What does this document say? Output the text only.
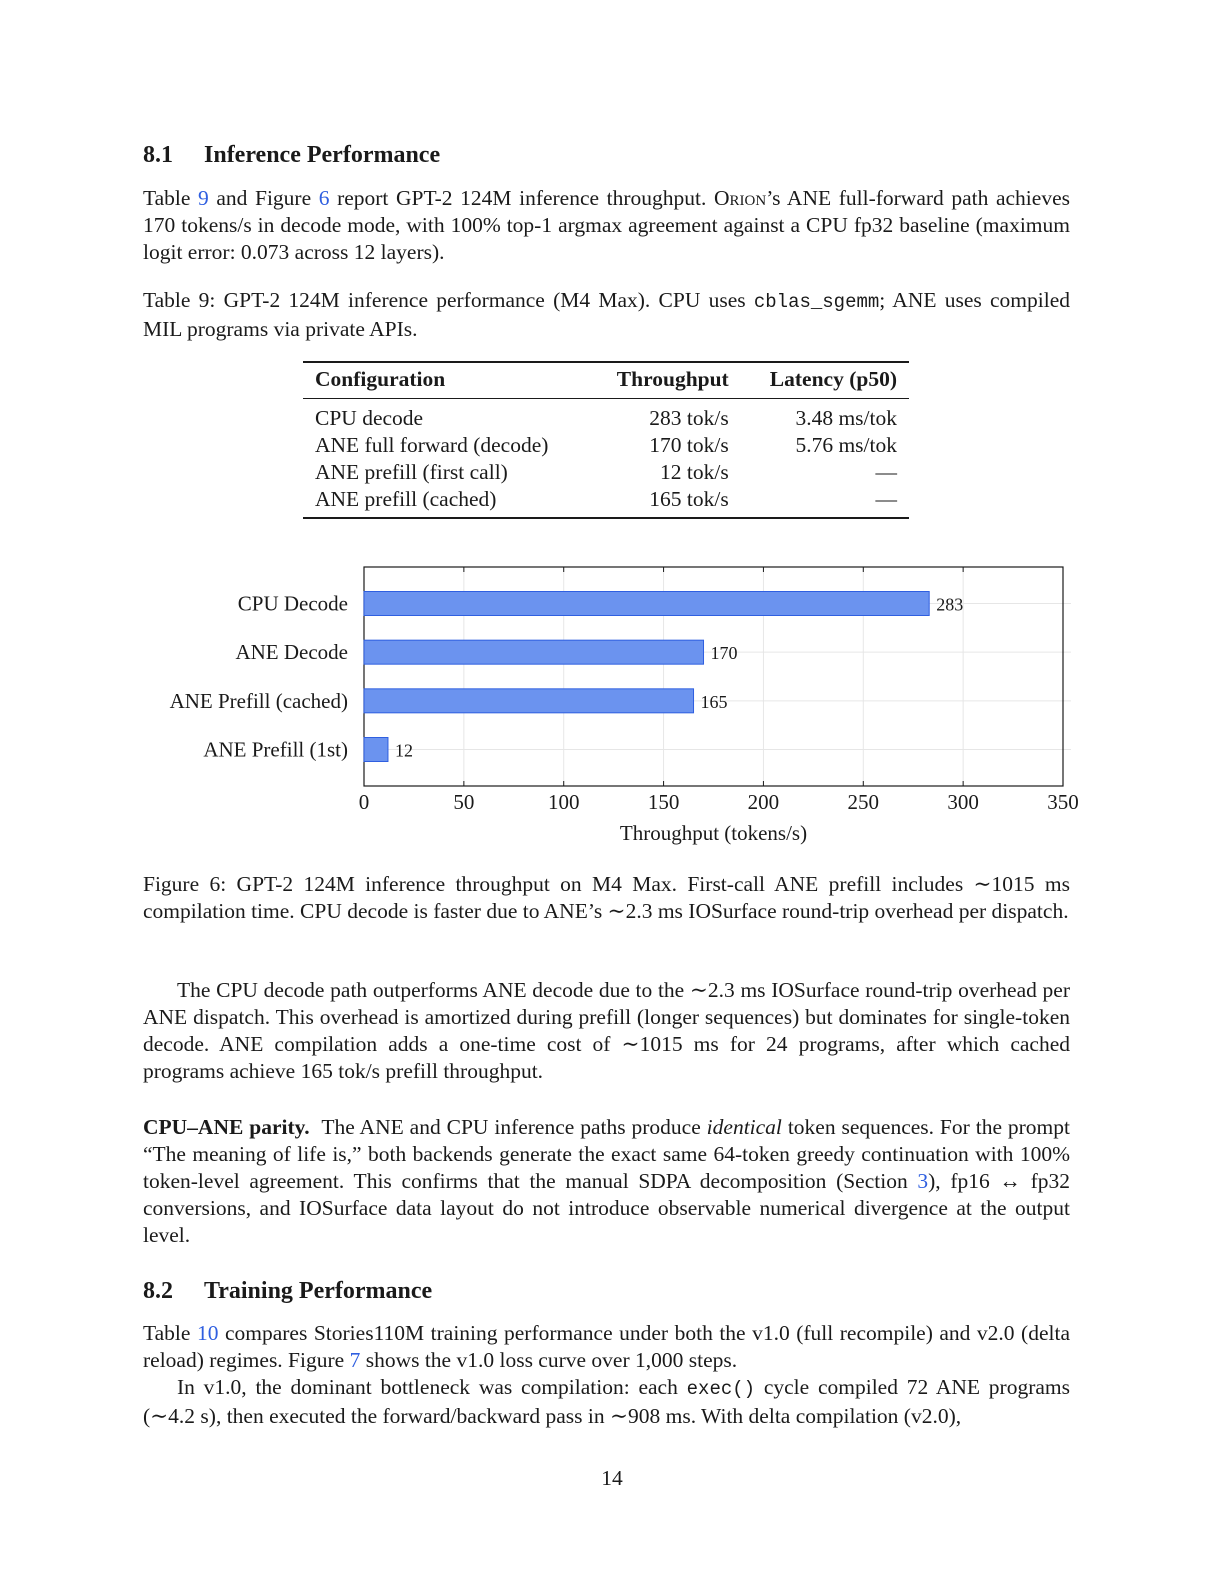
8.1 Inference Performance
Table 9 and Figure 6 report GPT-2 124M inference throughput. Orion’s ANE full-forward path achieves 170 tokens/s in decode mode, with 100% top-1 argmax agreement against a CPU fp32 baseline (maximum logit error: 0.073 across 12 layers).
Table 9: GPT-2 124M inference performance (M4 Max). CPU uses cblas_sgemm; ANE uses compiled MIL programs via private APIs.
Configuration	Throughput	Latency (p50)
CPU decode	283 tok/s	3.48 ms/tok
ANE full forward (decode)	170 tok/s	5.76 ms/tok
ANE prefill (first call)	12 tok/s	—
ANE prefill (cached)	165 tok/s	—
0	50	100	150	200	250	300	350
CPU Decode	283
ANE Decode	170
ANE Prefill (cached)	165
ANE Prefill (1st)	12
Throughput (tokens/s)
Figure 6: GPT-2 124M inference throughput on M4 Max. First-call ANE prefill includes ∼1015 ms compilation time. CPU decode is faster due to ANE’s ∼2.3 ms IOSurface round-trip overhead per dispatch.
The CPU decode path outperforms ANE decode due to the ∼2.3 ms IOSurface round-trip overhead per ANE dispatch. This overhead is amortized during prefill (longer sequences) but dominates for single-token decode. ANE compilation adds a one-time cost of ∼1015 ms for 24 programs, after which cached programs achieve 165 tok/s prefill throughput.
CPU–ANE parity. The ANE and CPU inference paths produce identical token sequences. For the prompt “The meaning of life is,” both backends generate the exact same 64-token greedy continuation with 100% token-level agreement. This confirms that the manual SDPA decomposition (Section 3), fp16 ↔ fp32 conversions, and IOSurface data layout do not introduce observable numerical divergence at the output level.
8.2 Training Performance
Table 10 compares Stories110M training performance under both the v1.0 (full recompile) and v2.0 (delta reload) regimes. Figure 7 shows the v1.0 loss curve over 1,000 steps.
In v1.0, the dominant bottleneck was compilation: each exec() cycle compiled 72 ANE programs (∼4.2 s), then executed the forward/backward pass in ∼908 ms. With delta compilation (v2.0),
14
